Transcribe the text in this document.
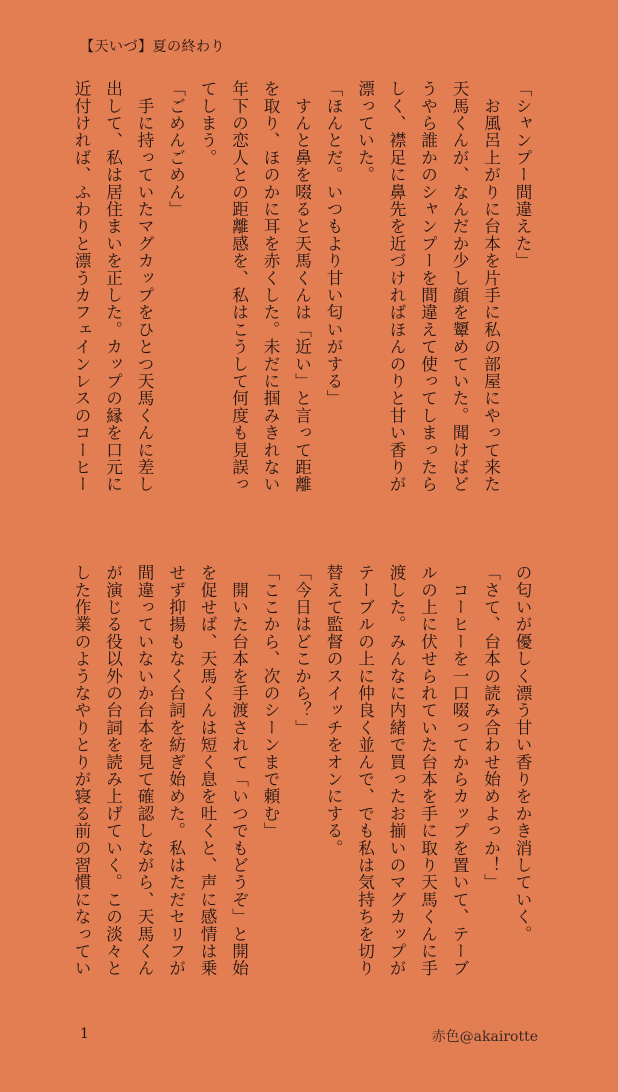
【天いづ】夏の終わり

「シャンプー間違えた」

　お風呂上がりに台本を片手に私の部屋にやって来た

天馬くんが、なんだか少し顔を顰めていた。聞けばど

うやら誰かのシャンプーを間違えて使ってしまったら

しく、襟足に鼻先を近づければほんのりと甘い香りが

漂っていた。

「ほんとだ。いつもより甘い匂いがする」

　すんと鼻を啜ると天馬くんは「近い」と言って距離

を取り、ほのかに耳を赤くした。未だに掴みきれない

年下の恋人との距離感を、私はこうして何度も見誤っ

てしまう。

「ごめんごめん」

　手に持っていたマグカップをひとつ天馬くんに差し

出して、私は居住まいを正した。カップの縁を口元に

近付ければ、ふわりと漂うカフェインレスのコーヒー

の匂いが優しく漂う甘い香りをかき消していく。

「さて、台本の読み合わせ始めよっか！」

　コーヒーを一口啜ってからカップを置いて、テーブ

ルの上に伏せられていた台本を手に取り天馬くんに手

渡した。みんなに内緒で買ったお揃いのマグカップが

テーブルの上に仲良く並んで、でも私は気持ちを切り

替えて監督のスイッチをオンにする。

「今日はどこから？」

「ここから、次のシーンまで頼む」

　開いた台本を手渡されて「いつでもどうぞ」と開始

を促せば、天馬くんは短く息を吐くと、声に感情は乗

せず抑揚もなく台詞を紡ぎ始めた。私はただセリフが

間違っていないか台本を見て確認しながら、天馬くん

が演じる役以外の台詞を読み上げていく。この淡々と

した作業のようなやりとりが寝る前の習慣になってい

1	赤色@akairotte
